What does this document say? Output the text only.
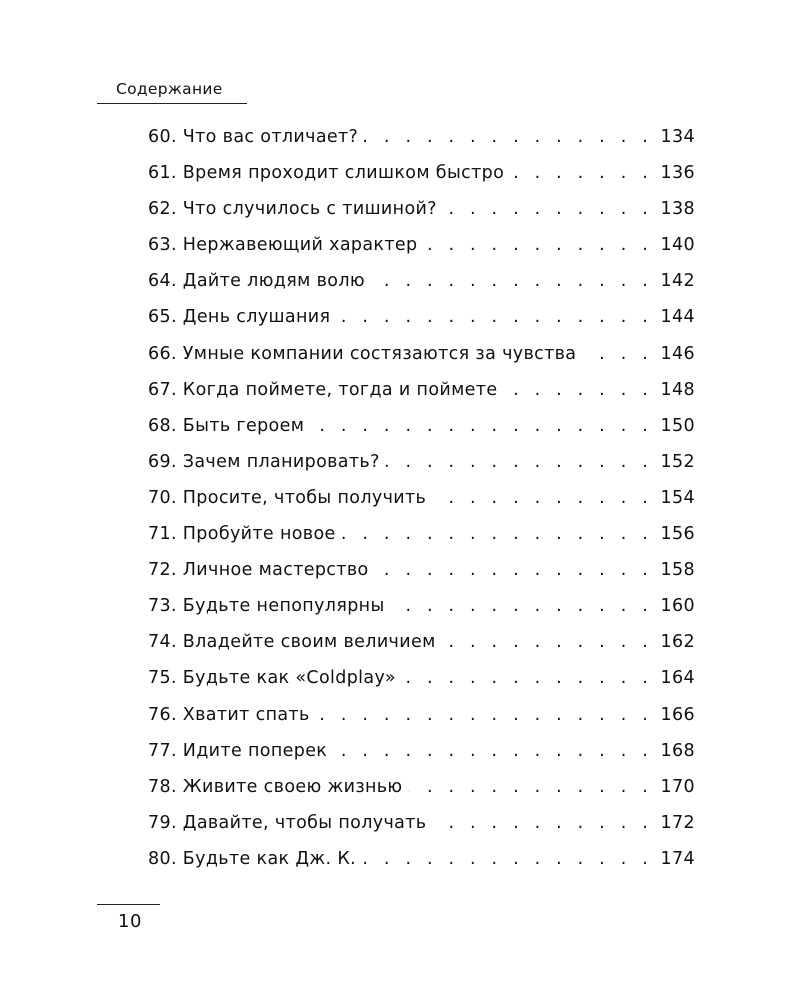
Содержание
60. Что вас отличает? . . .	134
61. Время проходит слишком быстро . . .	136
62. Что случилось с тишиной? . . .	138
63. Нержавеющий характер . . .	140
64. Дайте людям волю . . .	142
65. День слушания . . .	144
66. Умные компании состязаются за чувства . . .	146
67. Когда поймете, тогда и поймете . . .	148
68. Быть героем . . .	150
69. Зачем планировать? . . .	152
70. Просите, чтобы получить . . .	154
71. Пробуйте новое . . .	156
72. Личное мастерство . . .	158
73. Будьте непопулярны . . .	160
74. Владейте своим величием . . .	162
75. Будьте как «Coldplay» . . .	164
76. Хватит спать . . .	166
77. Идите поперек . . .	168
78. Живите своею жизнью . . .	170
79. Давайте, чтобы получать . . .	172
80. Будьте как Дж. К. . . .	174
10
